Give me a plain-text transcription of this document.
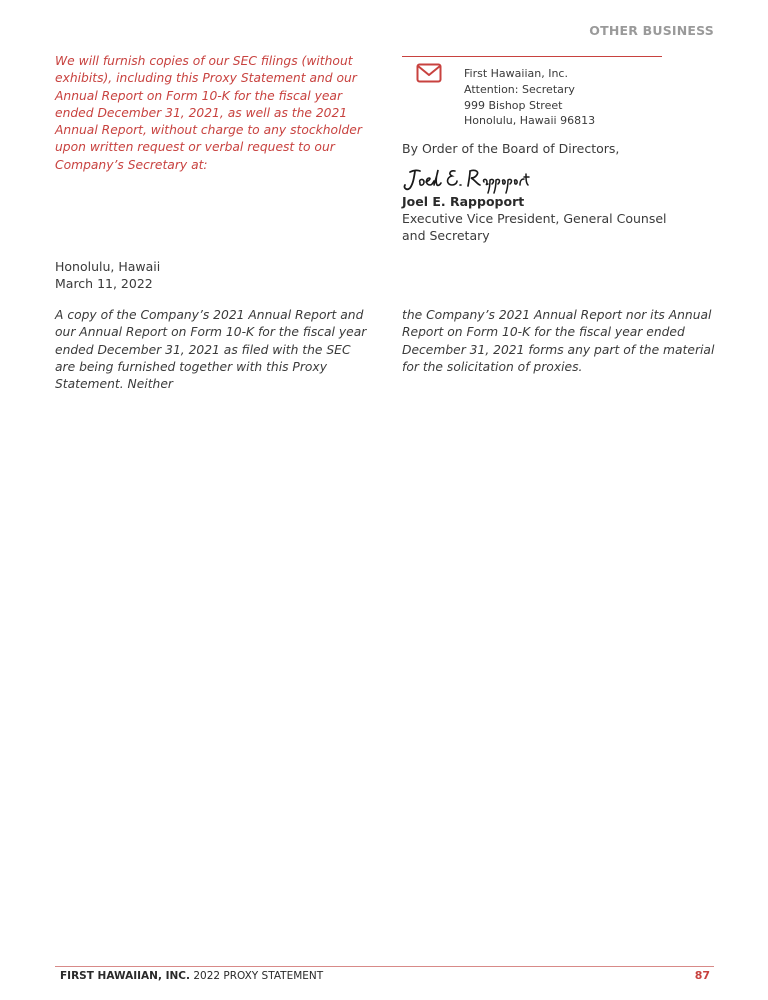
OTHER BUSINESS

We will furnish copies of our SEC filings (without exhibits), including this Proxy Statement and our Annual Report on Form 10-K for the fiscal year ended December 31, 2021, as well as the 2021 Annual Report, without charge to any stockholder upon written request or verbal request to our Company’s Secretary at:

First Hawaiian, Inc.
Attention: Secretary
999 Bishop Street
Honolulu, Hawaii 96813

By Order of the Board of Directors,

Joel E. Rappoport
Executive Vice President, General Counsel
and Secretary
Honolulu, Hawaii
March 11, 2022

A copy of the Company’s 2021 Annual Report and our Annual Report on Form 10-K for the fiscal year ended December 31, 2021 as filed with the SEC are being furnished together with this Proxy Statement. Neither

the Company’s 2021 Annual Report nor its Annual Report on Form 10-K for the fiscal year ended December 31, 2021 forms any part of the material for the solicitation of proxies.

FIRST HAWAIIAN, INC. 2022 PROXY STATEMENT	87
